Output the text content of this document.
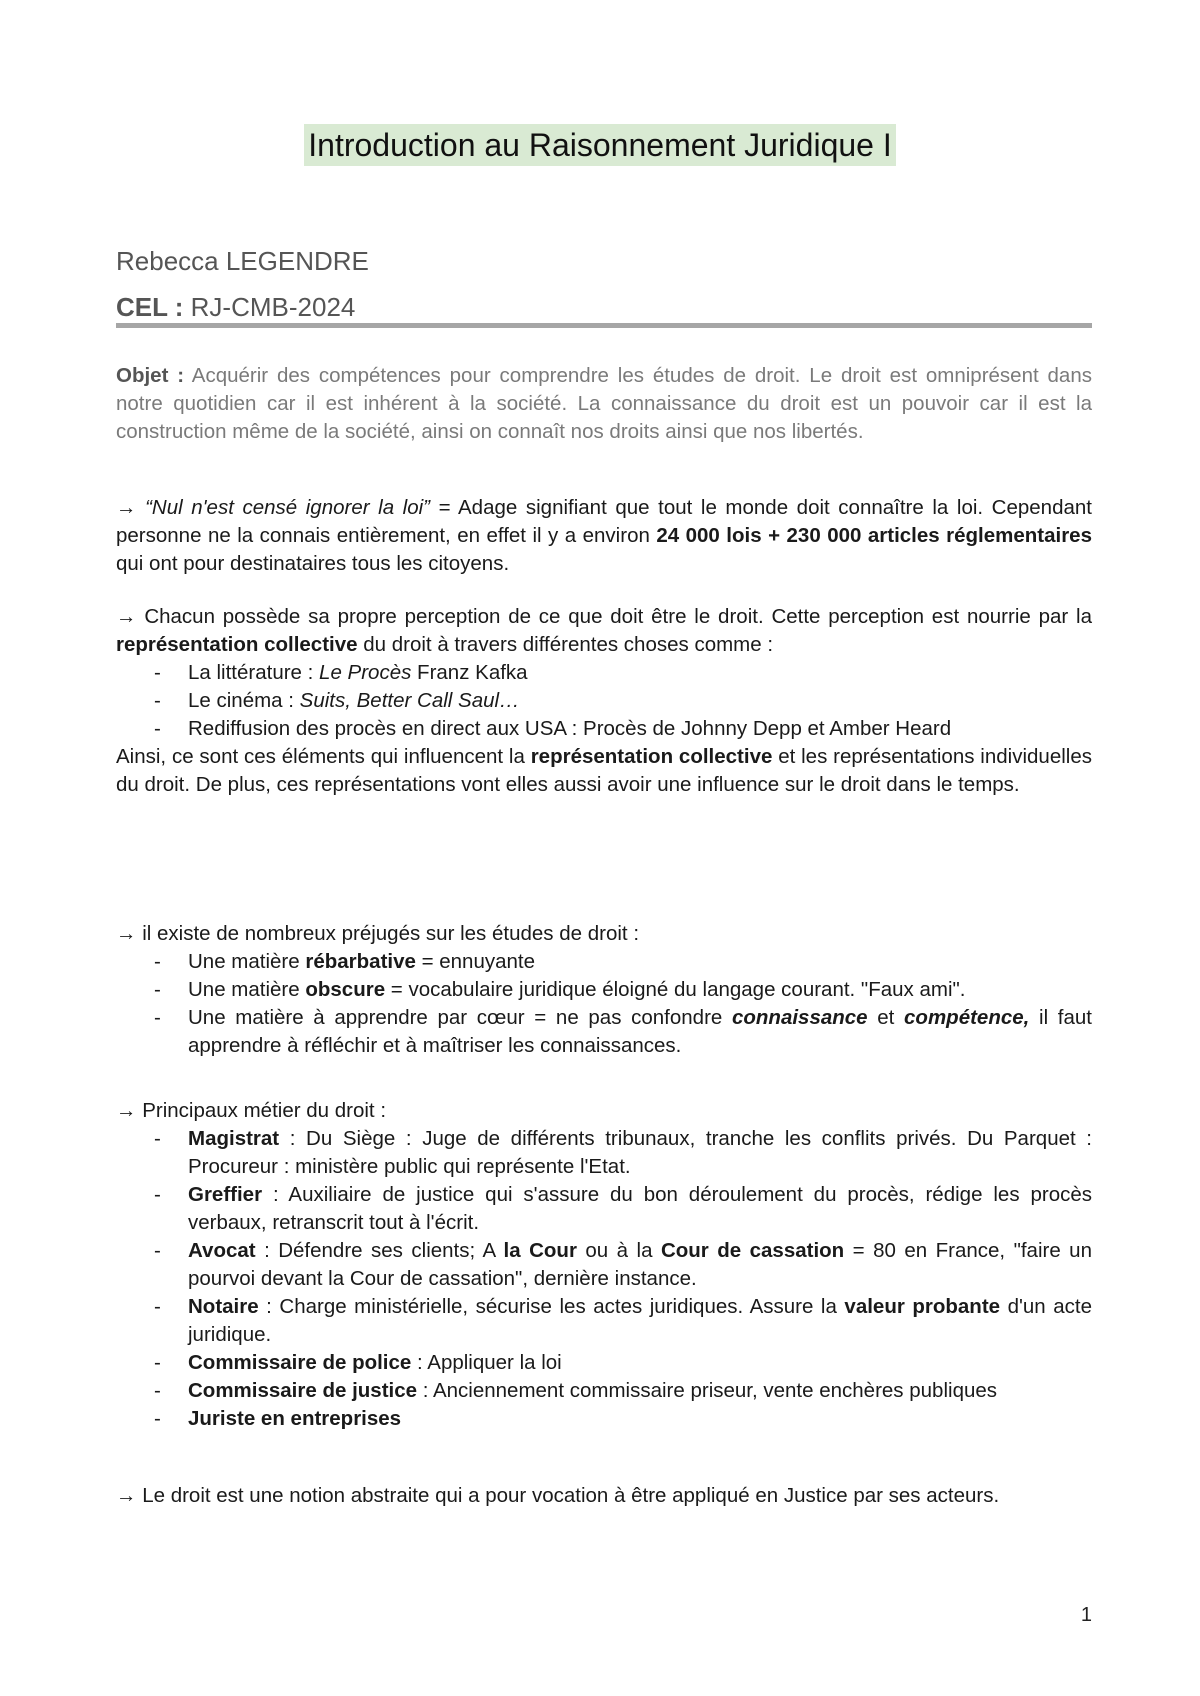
Introduction au Raisonnement Juridique I
Rebecca LEGENDRE
CEL : RJ-CMB-2024
Objet : Acquérir des compétences pour comprendre les études de droit. Le droit est omniprésent dans notre quotidien car il est inhérent à la société. La connaissance du droit est un pouvoir car il est la construction même de la société, ainsi on connaît nos droits ainsi que nos libertés.
→ “Nul n'est censé ignorer la loi” = Adage signifiant que tout le monde doit connaître la loi. Cependant personne ne la connais entièrement, en effet il y a environ 24 000 lois + 230 000 articles réglementaires qui ont pour destinataires tous les citoyens.

→ Chacun possède sa propre perception de ce que doit être le droit. Cette perception est nourrie par la représentation collective du droit à travers différentes choses comme :

- La littérature : Le Procès Franz Kafka
- Le cinéma : Suits, Better Call Saul…
- Rediffusion des procès en direct aux USA : Procès de Johnny Depp et Amber Heard

Ainsi, ce sont ces éléments qui influencent la représentation collective et les représentations individuelles du droit. De plus, ces représentations vont elles aussi avoir une influence sur le droit dans le temps.

→ il existe de nombreux préjugés sur les études de droit :

- Une matière rébarbative = ennuyante
- Une matière obscure = vocabulaire juridique éloigné du langage courant. "Faux ami".
- Une matière à apprendre par cœur = ne pas confondre connaissance et compétence, il faut apprendre à réfléchir et à maîtriser les connaissances.

→ Principaux métier du droit :

- Magistrat : Du Siège : Juge de différents tribunaux, tranche les conflits privés. Du Parquet : Procureur : ministère public qui représente l'Etat.
- Greffier : Auxiliaire de justice qui s'assure du bon déroulement du procès, rédige les procès verbaux, retranscrit tout à l'écrit.
- Avocat : Défendre ses clients; A la Cour ou à la Cour de cassation = 80 en France, "faire un pourvoi devant la Cour de cassation", dernière instance.
- Notaire : Charge ministérielle, sécurise les actes juridiques. Assure la valeur probante d'un acte juridique.
- Commissaire de police : Appliquer la loi
- Commissaire de justice : Anciennement commissaire priseur, vente enchères publiques
- Juriste en entreprises
→ Le droit est une notion abstraite qui a pour vocation à être appliqué en Justice par ses acteurs.
1
